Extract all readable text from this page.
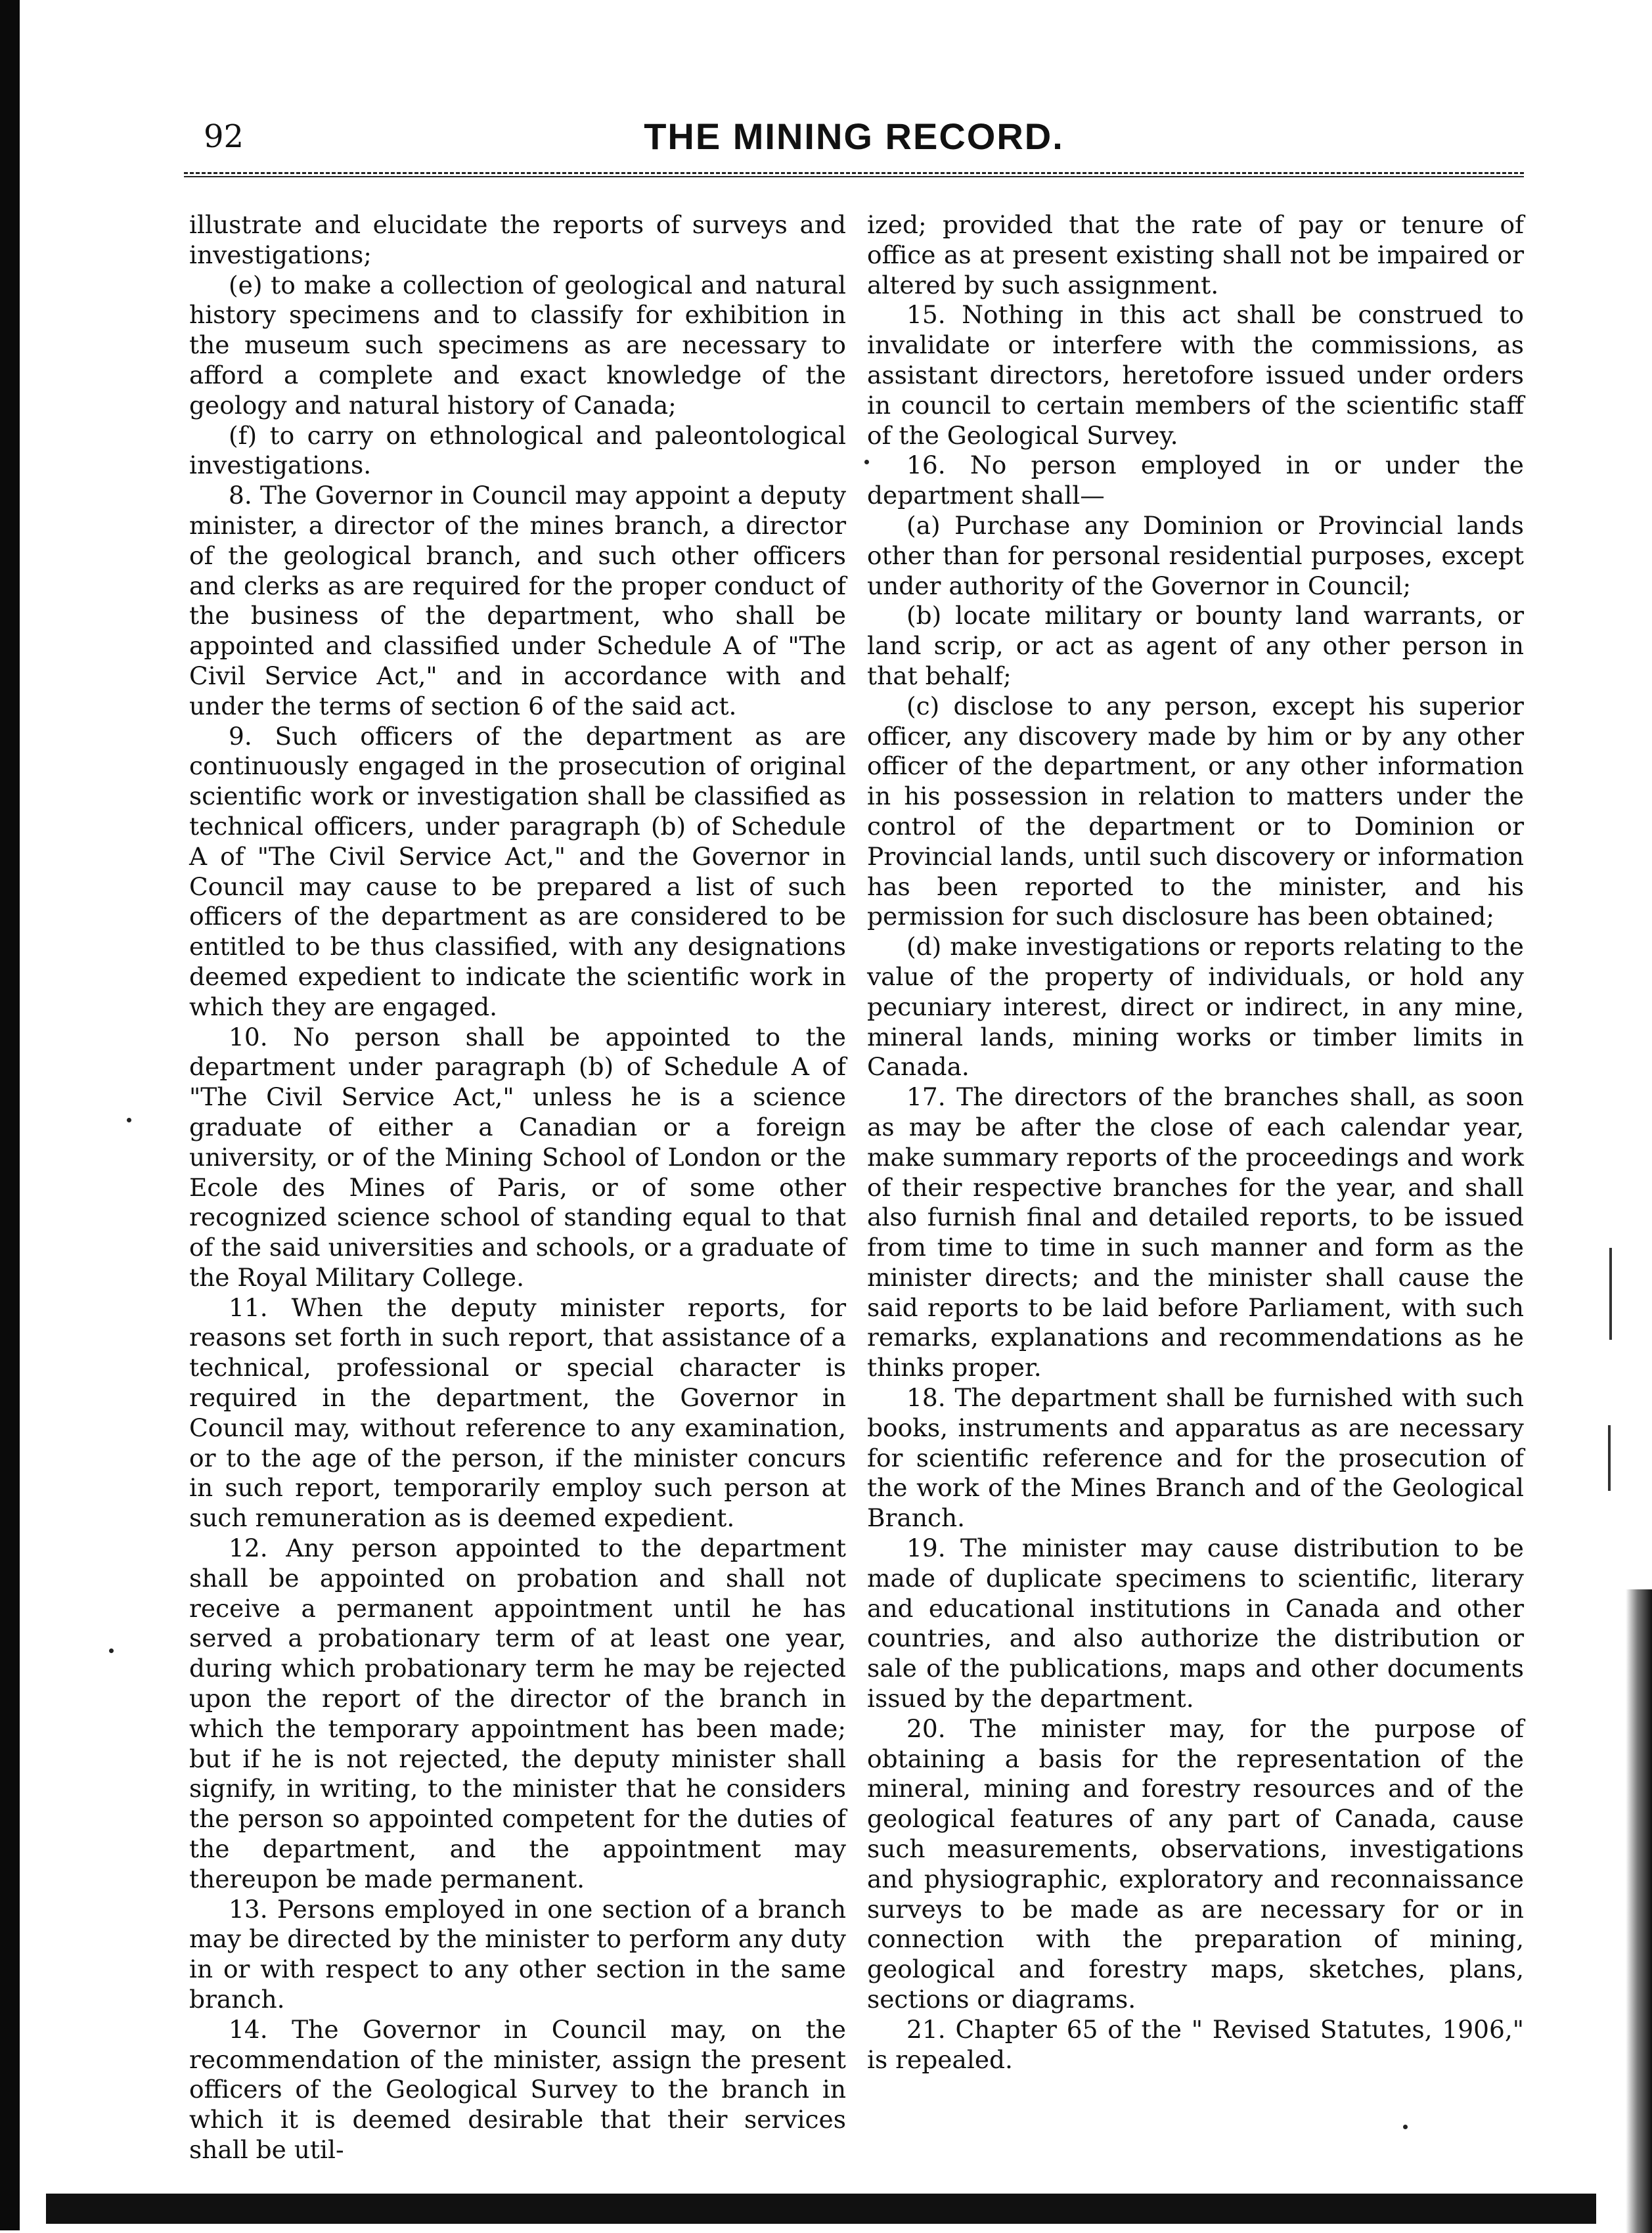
92	THE MINING RECORD.

illustrate and elucidate the reports of surveys and investigations;

(e) to make a collection of geological and natural history specimens and to classify for exhibition in the museum such specimens as are necessary to afford a complete and exact knowledge of the geology and natural history of Canada;

(f) to carry on ethnological and paleontological investigations.

8. The Governor in Council may appoint a deputy minister, a director of the mines branch, a director of the geological branch, and such other officers and clerks as are required for the proper conduct of the business of the department, who shall be appointed and classified under Schedule A of "The Civil Service Act," and in accordance with and under the terms of section 6 of the said act.

9. Such officers of the department as are continuously engaged in the prosecution of original scientific work or investigation shall be classified as technical officers, under paragraph (b) of Schedule A of "The Civil Service Act," and the Governor in Council may cause to be prepared a list of such officers of the department as are considered to be entitled to be thus classified, with any designations deemed expedient to indicate the scientific work in which they are engaged.

10. No person shall be appointed to the department under paragraph (b) of Schedule A of "The Civil Service Act," unless he is a science graduate of either a Canadian or a foreign university, or of the Mining School of London or the Ecole des Mines of Paris, or of some other recognized science school of standing equal to that of the said universities and schools, or a graduate of the Royal Military College.

11. When the deputy minister reports, for reasons set forth in such report, that assistance of a technical, professional or special character is required in the department, the Governor in Council may, without reference to any examination, or to the age of the person, if the minister concurs in such report, temporarily employ such person at such remuneration as is deemed expedient.

12. Any person appointed to the department shall be appointed on probation and shall not receive a permanent appointment until he has served a probationary term of at least one year, during which probationary term he may be rejected upon the report of the director of the branch in which the temporary appointment has been made; but if he is not rejected, the deputy minister shall signify, in writing, to the minister that he considers the person so appointed competent for the duties of the department, and the appointment may thereupon be made permanent.

13. Persons employed in one section of a branch may be directed by the minister to perform any duty in or with respect to any other section in the same branch.

14. The Governor in Council may, on the recommendation of the minister, assign the present officers of the Geological Survey to the branch in which it is deemed desirable that their services shall be util-

ized; provided that the rate of pay or tenure of office as at present existing shall not be impaired or altered by such assignment.

15. Nothing in this act shall be construed to invalidate or interfere with the commissions, as assistant directors, heretofore issued under orders in council to certain members of the scientific staff of the Geological Survey.

16. No person employed in or under the department shall—

(a) Purchase any Dominion or Provincial lands other than for personal residential purposes, except under authority of the Governor in Council;

(b) locate military or bounty land warrants, or land scrip, or act as agent of any other person in that behalf;

(c) disclose to any person, except his superior officer, any discovery made by him or by any other officer of the department, or any other information in his possession in relation to matters under the control of the department or to Dominion or Provincial lands, until such discovery or information has been reported to the minister, and his permission for such disclosure has been obtained;

(d) make investigations or reports relating to the value of the property of individuals, or hold any pecuniary interest, direct or indirect, in any mine, mineral lands, mining works or timber limits in Canada.

17. The directors of the branches shall, as soon as may be after the close of each calendar year, make summary reports of the proceedings and work of their respective branches for the year, and shall also furnish final and detailed reports, to be issued from time to time in such manner and form as the minister directs; and the minister shall cause the said reports to be laid before Parliament, with such remarks, explanations and recommendations as he thinks proper.

18. The department shall be furnished with such books, instruments and apparatus as are necessary for scientific reference and for the prosecution of the work of the Mines Branch and of the Geological Branch.

19. The minister may cause distribution to be made of duplicate specimens to scientific, literary and educational institutions in Canada and other countries, and also authorize the distribution or sale of the publications, maps and other documents issued by the department.

20. The minister may, for the purpose of obtaining a basis for the representation of the mineral, mining and forestry resources and of the geological features of any part of Canada, cause such measurements, observations, investigations and physiographic, exploratory and reconnaissance surveys to be made as are necessary for or in connection with the preparation of mining, geological and forestry maps, sketches, plans, sections or diagrams.

21. Chapter 65 of the " Revised Statutes, 1906," is repealed.
